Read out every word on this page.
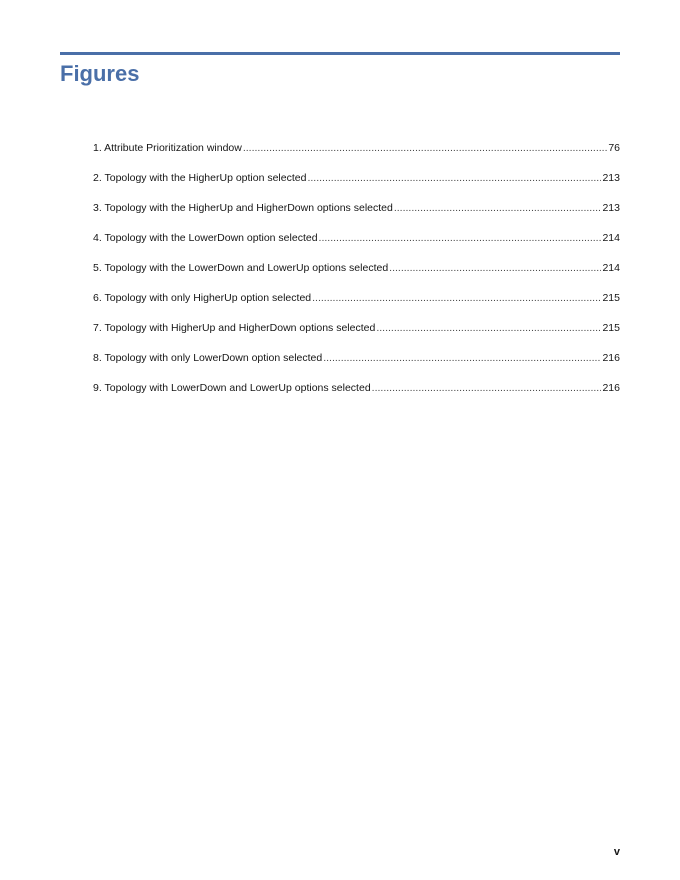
Figures
1. Attribute Prioritization window .....	76
2. Topology with the HigherUp option selected .....	213
3. Topology with the HigherUp and HigherDown options selected .....	213
4. Topology with the LowerDown option selected .....	214
5. Topology with the LowerDown and LowerUp options selected .....	214
6. Topology with only HigherUp option selected .....	215
7. Topology with HigherUp and HigherDown options selected .....	215
8. Topology with only LowerDown option selected .....	216
9. Topology with LowerDown and LowerUp options selected .....	216
v
